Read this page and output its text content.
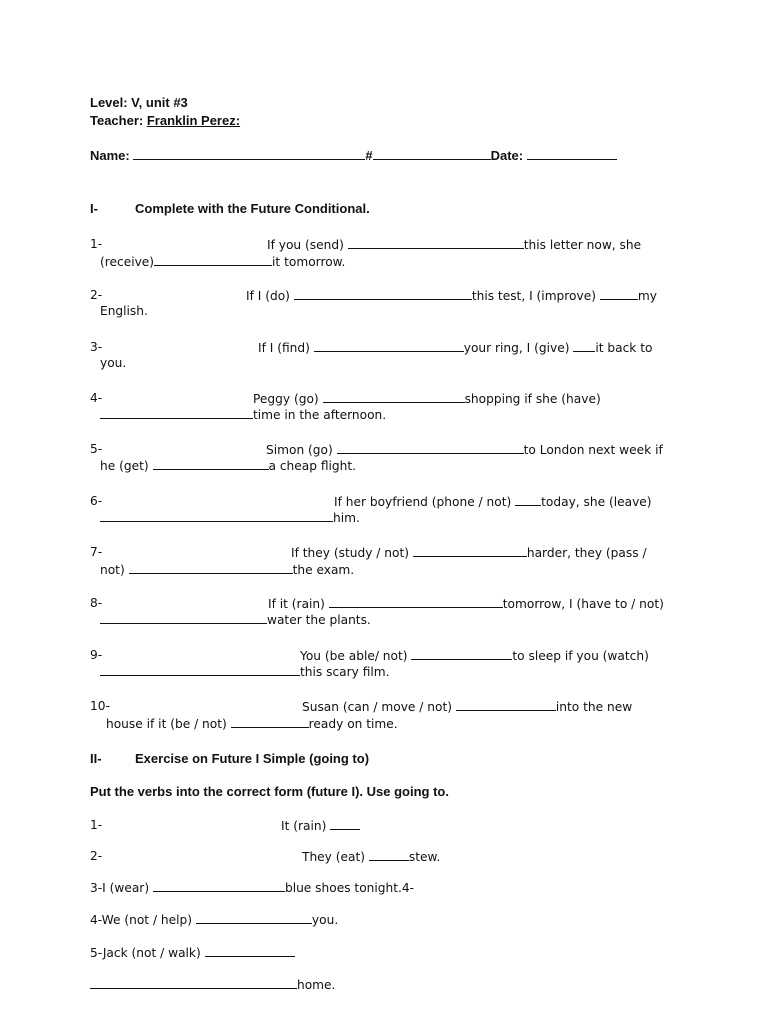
Level: V, unit #3
Teacher: Franklin Perez:
Name:	#	Date:
I-	Complete with the Future Conditional.
1-	If you (send)	this letter now, she
(receive)	it tomorrow.
2-	If I (do)	this test, I (improve)	my
English.
3-	If I (find)	your ring, I (give) it back to
you.
4-	Peggy (go)	shopping if she (have)
time in the afternoon.
5-	Simon (go)	to London next week if
he (get)	a cheap flight.
6-	If her boyfriend (phone / not) today, she (leave)
him.
7-	If they (study / not)	harder, they (pass /
not)	the exam.
8-	If it (rain)	tomorrow, I (have to / not)
water the plants.
9-	You (be able/ not)	to sleep if you (watch)
this scary film.
10-	Susan (can / move / not)	into the new
house if it (be / not)	ready on time.
II-	Exercise on Future I Simple (going to)
Put the verbs into the correct form (future I). Use going to.
1-	It (rain)
2-	They (eat)	stew.
3-I (wear)	blue shoes tonight.4-
4-We (not / help)	you.
5-Jack (not / walk)
home.
